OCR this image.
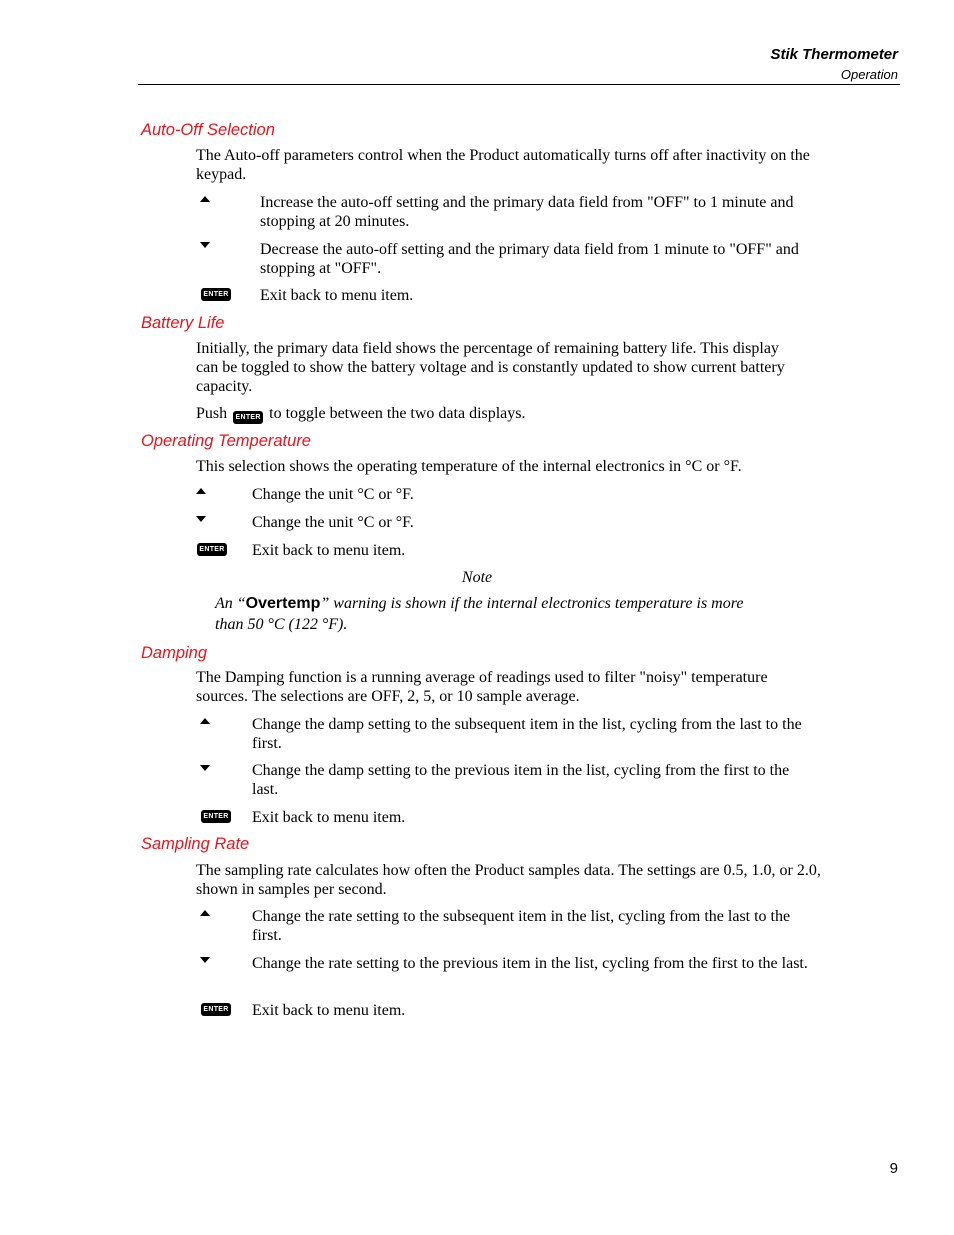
Stik Thermometer
Operation
Auto-Off Selection
The Auto-off parameters control when the Product automatically turns off after inactivity on the keypad.
Increase the auto-off setting and the primary data field from "OFF" to 1 minute and stopping at 20 minutes.
Decrease the auto-off setting and the primary data field from 1 minute to "OFF" and stopping at "OFF".
ENTER Exit back to menu item.
Battery Life
Initially, the primary data field shows the percentage of remaining battery life. This display can be toggled to show the battery voltage and is constantly updated to show current battery capacity.
Push ENTER to toggle between the two data displays.
Operating Temperature
This selection shows the operating temperature of the internal electronics in °C or °F.
Change the unit °C or °F.
Change the unit °C or °F.
ENTER Exit back to menu item.
Note
An “Overtemp” warning is shown if the internal electronics temperature is more than 50 °C (122 °F).
Damping
The Damping function is a running average of readings used to filter "noisy" temperature sources. The selections are OFF, 2, 5, or 10 sample average.
Change the damp setting to the subsequent item in the list, cycling from the last to the first.
Change the damp setting to the previous item in the list, cycling from the first to the last.
ENTER Exit back to menu item.
Sampling Rate
The sampling rate calculates how often the Product samples data. The settings are 0.5, 1.0, or 2.0, shown in samples per second.
Change the rate setting to the subsequent item in the list, cycling from the last to the first.
Change the rate setting to the previous item in the list, cycling from the first to the last.
ENTER Exit back to menu item.
9
